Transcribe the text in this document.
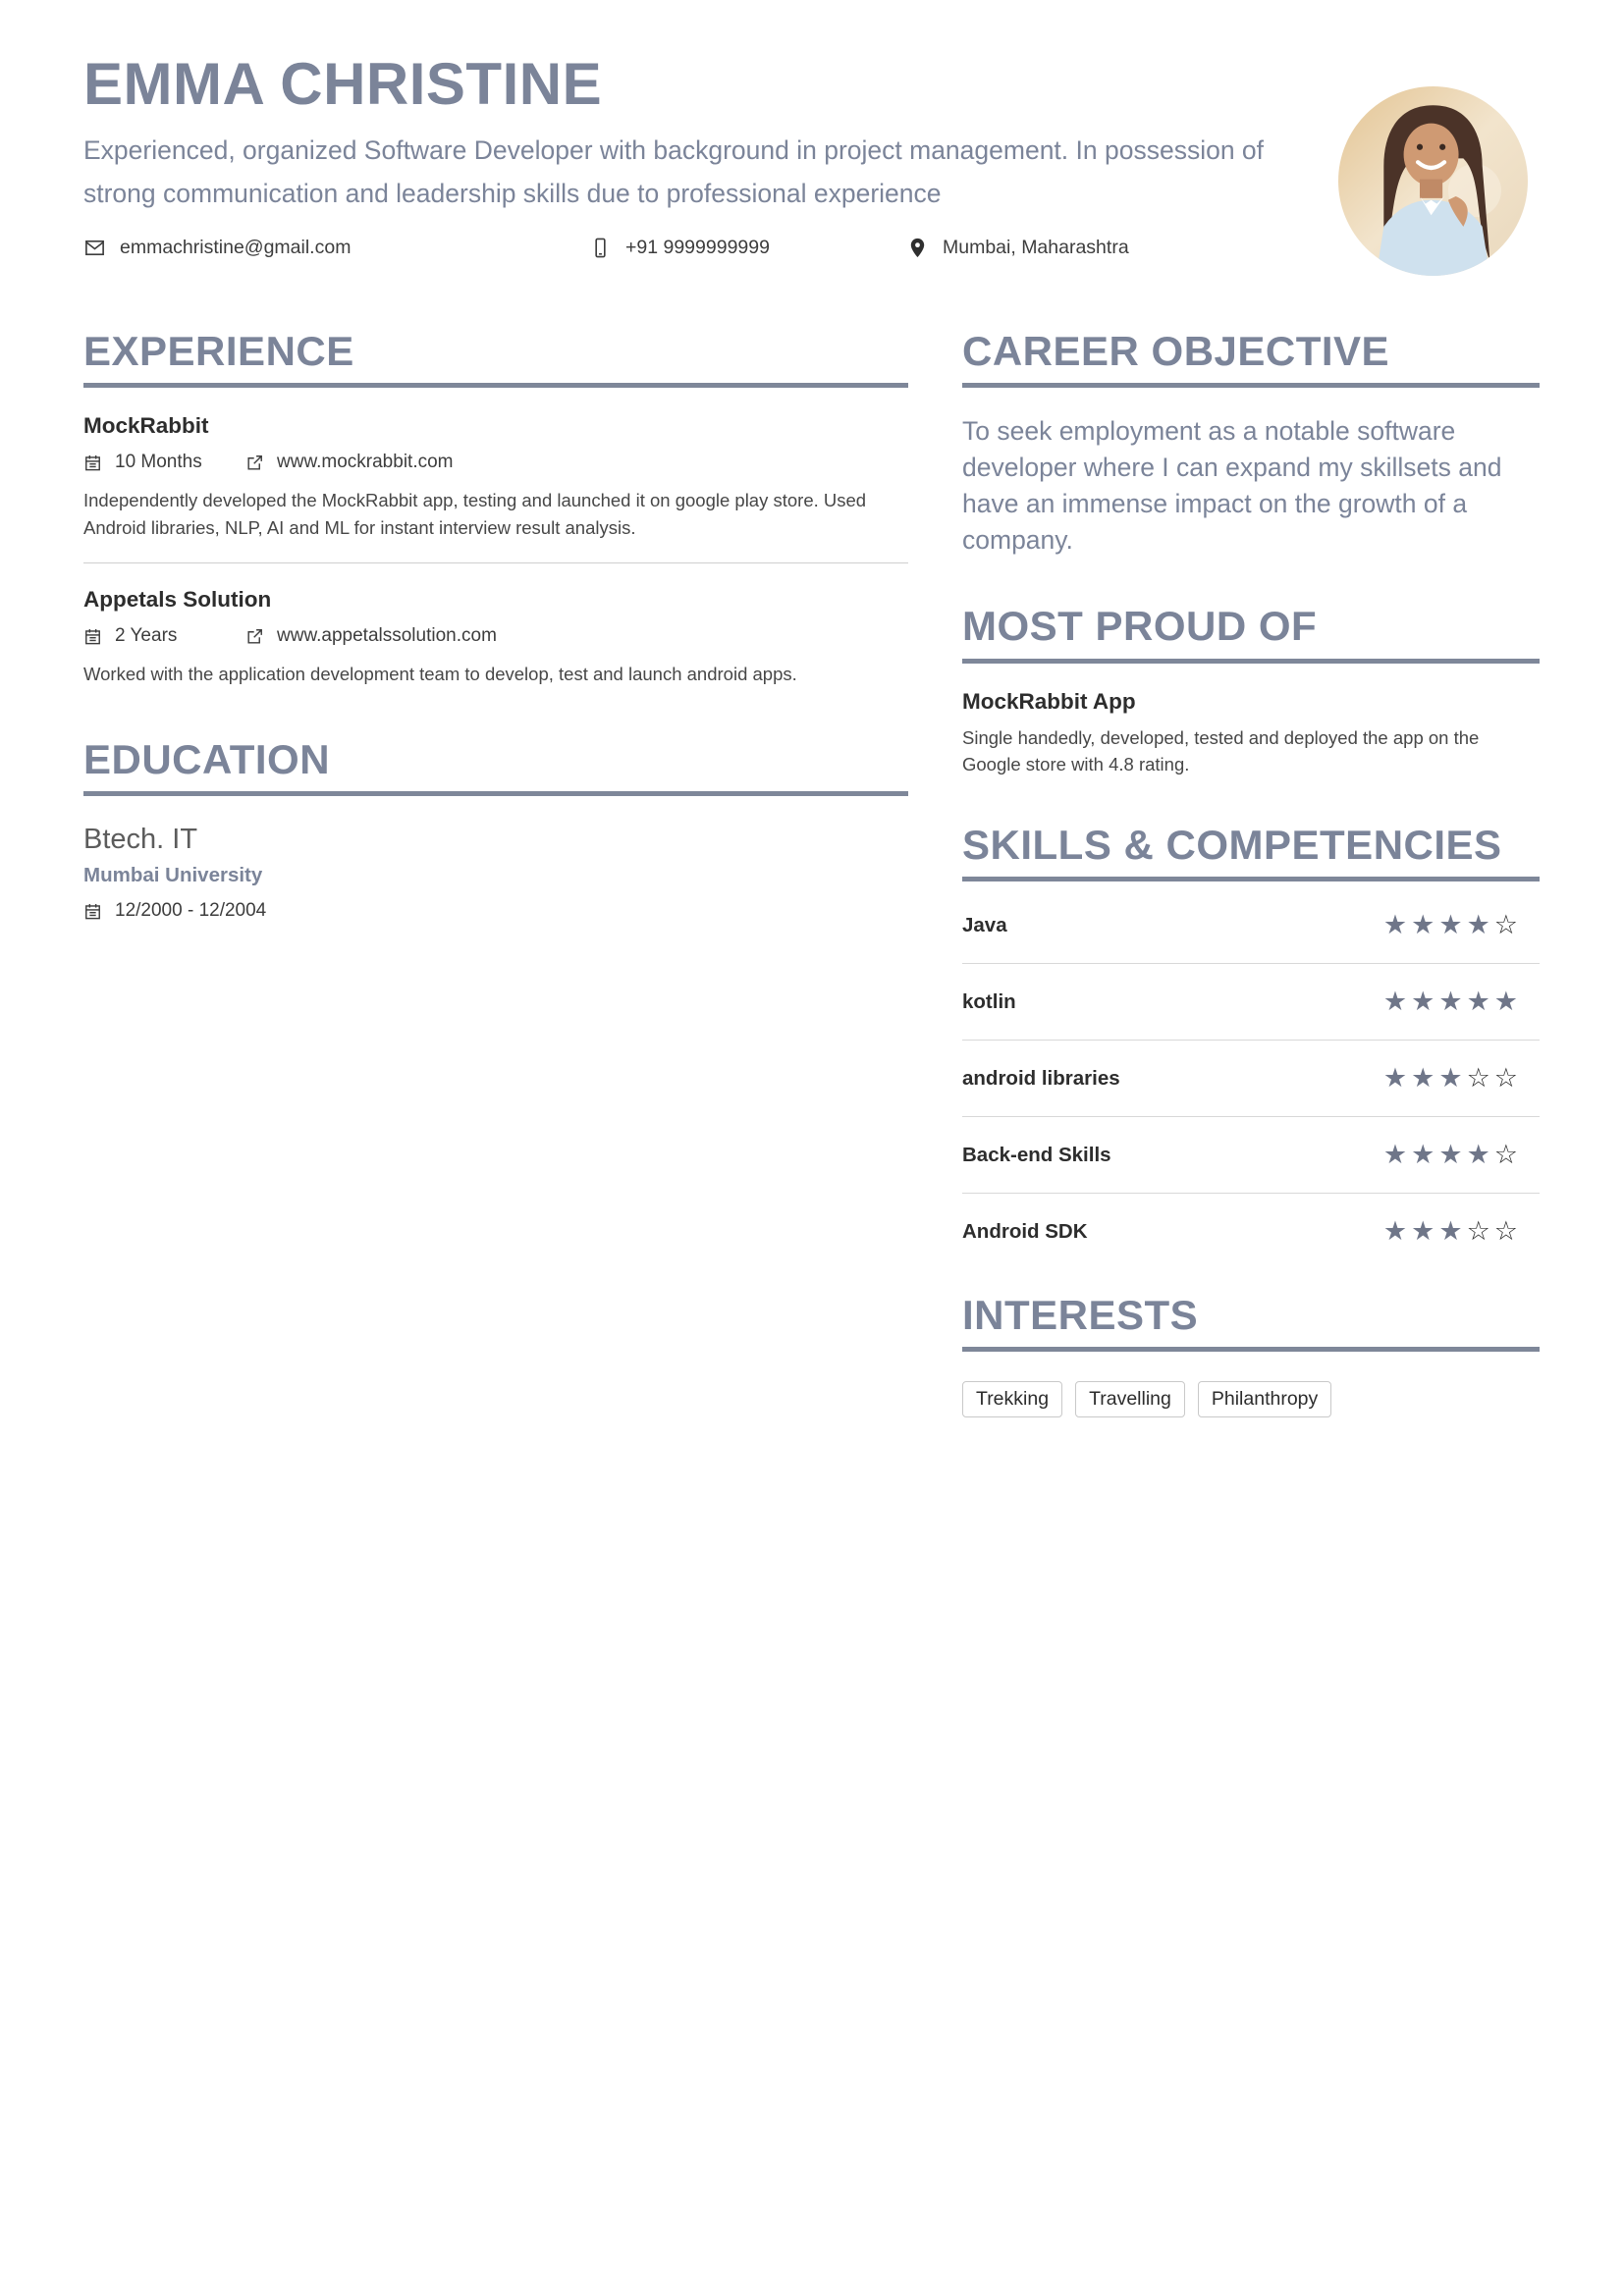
EMMA CHRISTINE

Experienced, organized Software Developer with background in project management. In possession of strong communication and leadership skills due to professional experience

emmachristine@gmail.com	+91 9999999999	Mumbai, Maharashtra
EXPERIENCE
MockRabbit
10 Months	www.mockrabbit.com

Independently developed the MockRabbit app, testing and launched it on google play store. Used Android libraries, NLP, AI and ML for instant interview result analysis.

Appetals Solution
2 Years	www.appetalssolution.com

Worked with the application development team to develop, test and launch android apps.

EDUCATION
Btech. IT
Mumbai University
12/2000 - 12/2004
CAREER OBJECTIVE

To seek employment as a notable software developer where I can expand my skillsets and have an immense impact on the growth of a company.

MOST PROUD OF
MockRabbit App

Single handedly, developed, tested and deployed the app on the Google store with 4.8 rating.

SKILLS & COMPETENCIES
Java	★★★★☆
kotlin	★★★★★
android libraries	★★★☆☆
Back-end Skills	★★★★☆
Android SDK	★★★☆☆
INTERESTS
Trekking	Travelling	Philanthropy
